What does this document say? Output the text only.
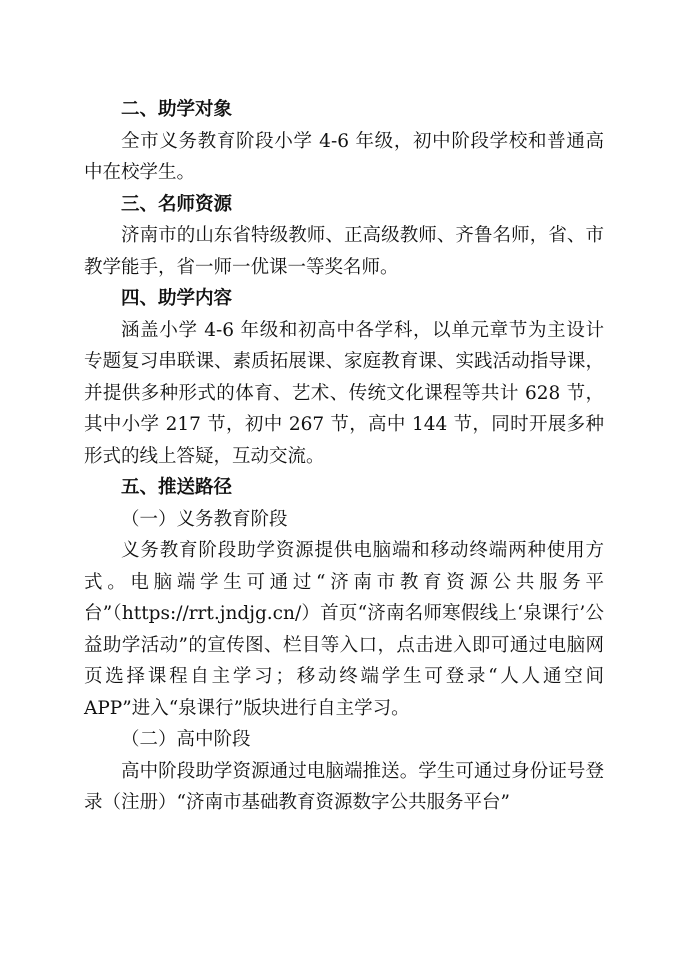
二、助学对象

全市义务教育阶段小学 4-6 年级，初中阶段学校和普通高中在校学生。

三、名师资源

济南市的山东省特级教师、正高级教师、齐鲁名师，省、市教学能手，省一师一优课一等奖名师。

四、助学内容

涵盖小学 4-6 年级和初高中各学科，以单元章节为主设计专题复习串联课、素质拓展课、家庭教育课、实践活动指导课，并提供多种形式的体育、艺术、传统文化课程等共计 628 节，其中小学 217 节，初中 267 节，高中 144 节，同时开展多种形式的线上答疑，互动交流。

五、推送路径

（一）义务教育阶段

义务教育阶段助学资源提供电脑端和移动终端两种使用方式。电脑端学生可通过“济南市教育资源公共服务平台”（https://rrt.jndjg.cn/）首页“济南名师寒假线上‘泉课行’公益助学活动”的宣传图、栏目等入口，点击进入即可通过电脑网页选择课程自主学习；移动终端学生可登录“人人通空间 APP”进入“泉课行”版块进行自主学习。

（二）高中阶段

高中阶段助学资源通过电脑端推送。学生可通过身份证号登录（注册）“济南市基础教育资源数字公共服务平台”
